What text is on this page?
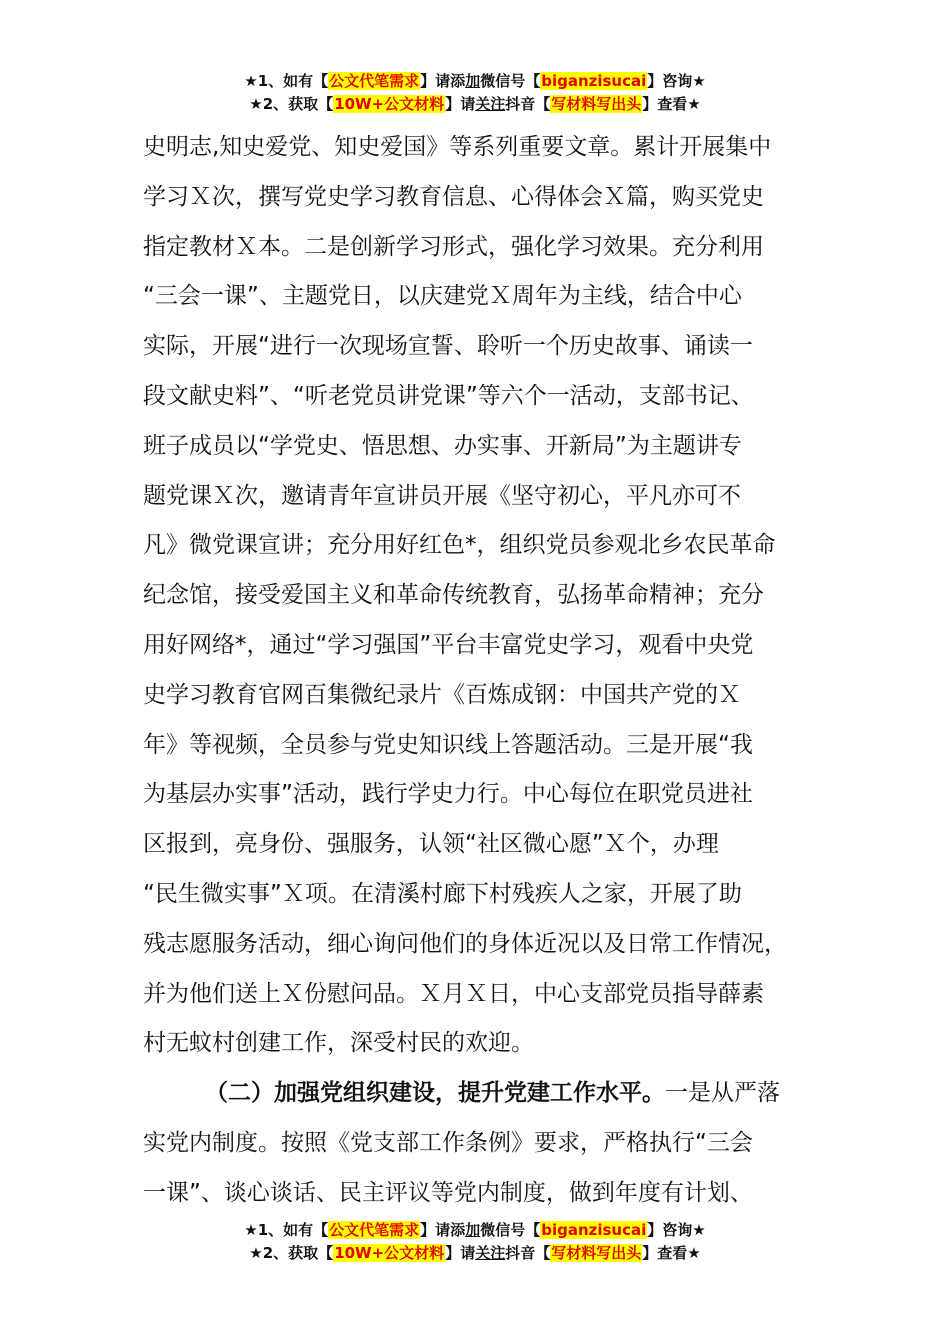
★1、如有【公文代笔需求】请添加微信号【biganzisucai】咨询★
★2、获取【10W+公文材料】请关注抖音【写材料写出头】查看★
史明志,知史爱党、知史爱国》等系列重要文章。累计开展集中
学习Ｘ次，撰写党史学习教育信息、心得体会Ｘ篇，购买党史
指定教材Ｘ本。二是创新学习形式，强化学习效果。充分利用
“三会一课”、主题党日，以庆建党Ｘ周年为主线，结合中心
实际，开展“进行一次现场宣誓、聆听一个历史故事、诵读一
段文献史料”、“听老党员讲党课”等六个一活动，支部书记、
班子成员以“学党史、悟思想、办实事、开新局”为主题讲专
题党课Ｘ次，邀请青年宣讲员开展《坚守初心，平凡亦可不
凡》微党课宣讲；充分用好红色*，组织党员参观北乡农民革命
纪念馆，接受爱国主义和革命传统教育，弘扬革命精神；充分
用好网络*，通过“学习强国”平台丰富党史学习，观看中央党
史学习教育官网百集微纪录片《百炼成钢：中国共产党的Ｘ
年》等视频，全员参与党史知识线上答题活动。三是开展“我
为基层办实事”活动，践行学史力行。中心每位在职党员进社
区报到，亮身份、强服务，认领“社区微心愿”Ｘ个，办理
“民生微实事”Ｘ项。在清溪村廊下村残疾人之家，开展了助
残志愿服务活动，细心询问他们的身体近况以及日常工作情况，
并为他们送上Ｘ份慰问品。Ｘ月Ｘ日，中心支部党员指导薛素
村无蚊村创建工作，深受村民的欢迎。
（二）加强党组织建设，提升党建工作水平。一是从严落
实党内制度。按照《党支部工作条例》要求，严格执行“三会
一课”、谈心谈话、民主评议等党内制度，做到年度有计划、
★1、如有【公文代笔需求】请添加微信号【biganzisucai】咨询★
★2、获取【10W+公文材料】请关注抖音【写材料写出头】查看★
